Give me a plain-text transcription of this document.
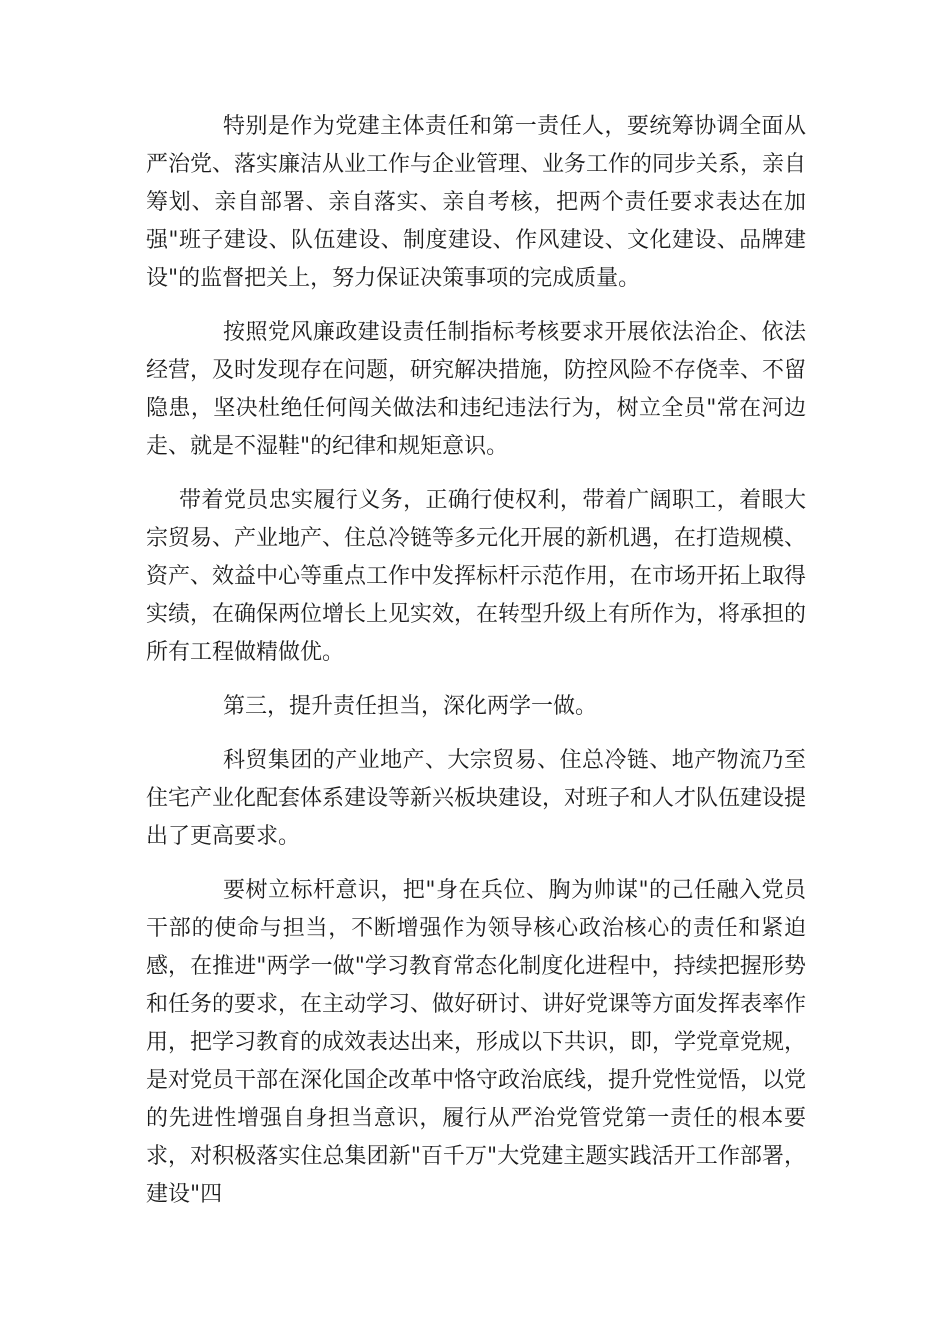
特别是作为党建主体责任和第一责任人，要统筹协调全面从严治党、落实廉洁从业工作与企业管理、业务工作的同步关系，亲自筹划、亲自部署、亲自落实、亲自考核，把两个责任要求表达在加强"班子建设、队伍建设、制度建设、作风建设、文化建设、品牌建设"的监督把关上，努力保证决策事项的完成质量。

按照党风廉政建设责任制指标考核要求开展依法治企、依法经营，及时发现存在问题，研究解决措施，防控风险不存侥幸、不留隐患，坚决杜绝任何闯关做法和违纪违法行为，树立全员"常在河边走、就是不湿鞋"的纪律和规矩意识。

带着党员忠实履行义务，正确行使权利，带着广阔职工，着眼大宗贸易、产业地产、住总冷链等多元化开展的新机遇，在打造规模、资产、效益中心等重点工作中发挥标杆示范作用，在市场开拓上取得实绩，在确保两位增长上见实效，在转型升级上有所作为，将承担的所有工程做精做优。

第三，提升责任担当，深化两学一做。

科贸集团的产业地产、大宗贸易、住总冷链、地产物流乃至住宅产业化配套体系建设等新兴板块建设，对班子和人才队伍建设提出了更高要求。

要树立标杆意识，把"身在兵位、胸为帅谋"的己任融入党员干部的使命与担当，不断增强作为领导核心政治核心的责任和紧迫感，在推进"两学一做"学习教育常态化制度化进程中，持续把握形势和任务的要求，在主动学习、做好研讨、讲好党课等方面发挥表率作用，把学习教育的成效表达出来，形成以下共识，即，学党章党规，是对党员干部在深化国企改革中恪守政治底线，提升党性觉悟，以党的先进性增强自身担当意识，履行从严治党管党第一责任的根本要求，对积极落实住总集团新"百千万"大党建主题实践活开工作部署，建设"四
